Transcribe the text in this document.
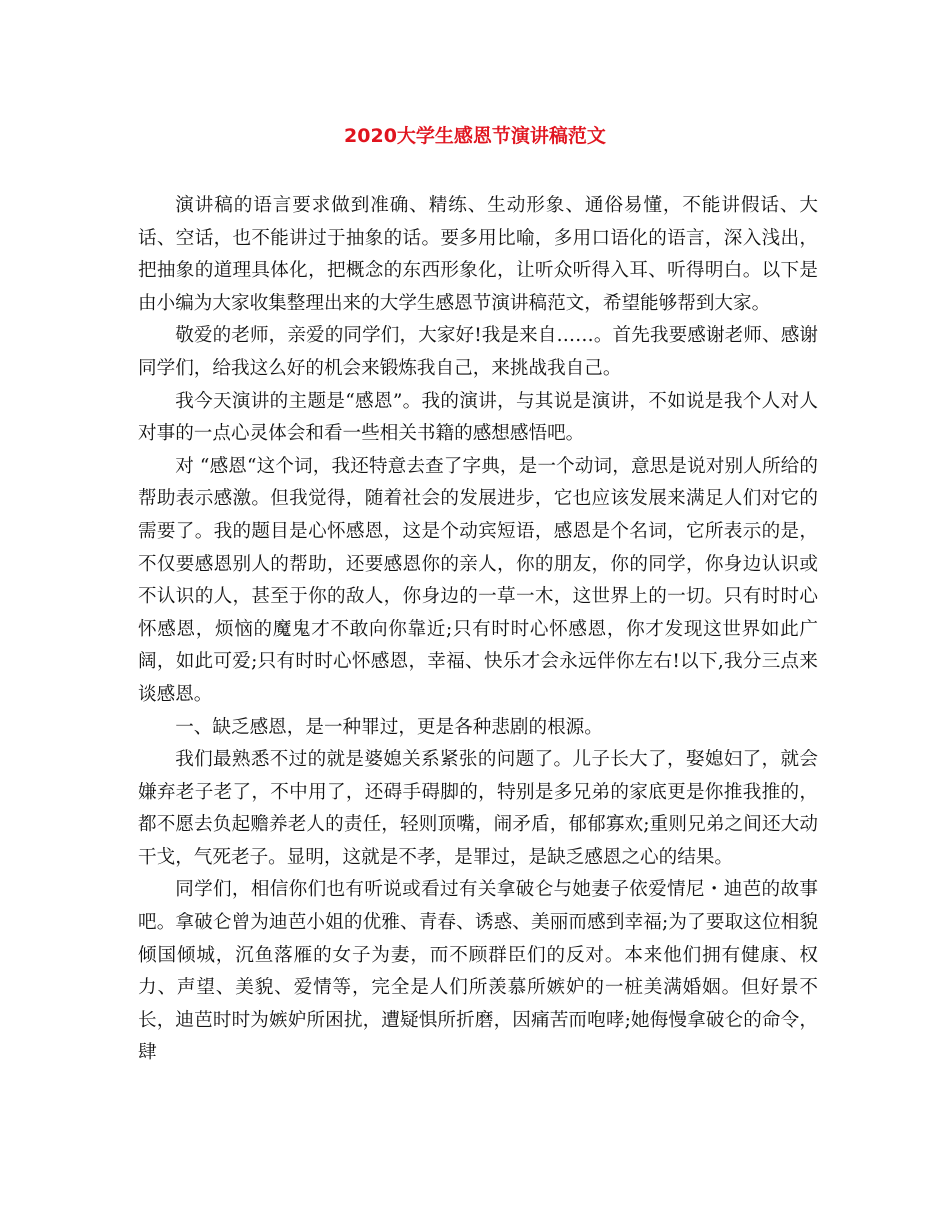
2020大学生感恩节演讲稿范文

演讲稿的语言要求做到准确、精练、生动形象、通俗易懂，不能讲假话、大话、空话，也不能讲过于抽象的话。要多用比喻，多用口语化的语言，深入浅出，把抽象的道理具体化，把概念的东西形象化，让听众听得入耳、听得明白。以下是由小编为大家收集整理出来的大学生感恩节演讲稿范文，希望能够帮到大家。

敬爱的老师，亲爱的同学们，大家好!我是来自……。首先我要感谢老师、感谢同学们，给我这么好的机会来锻炼我自己，来挑战我自己。

我今天演讲的主题是“感恩”。我的演讲，与其说是演讲，不如说是我个人对人对事的一点心灵体会和看一些相关书籍的感想感悟吧。

对 “感恩“这个词，我还特意去查了字典，是一个动词，意思是说对别人所给的帮助表示感激。但我觉得，随着社会的发展进步，它也应该发展来满足人们对它的需要了。我的题目是心怀感恩，这是个动宾短语，感恩是个名词，它所表示的是，不仅要感恩别人的帮助，还要感恩你的亲人，你的朋友，你的同学，你身边认识或不认识的人，甚至于你的敌人，你身边的一草一木，这世界上的一切。只有时时心怀感恩，烦恼的魔鬼才不敢向你靠近;只有时时心怀感恩，你才发现这世界如此广阔，如此可爱;只有时时心怀感恩，幸福、快乐才会永远伴你左右!以下,我分三点来谈感恩。

一、缺乏感恩，是一种罪过，更是各种悲剧的根源。

我们最熟悉不过的就是婆媳关系紧张的问题了。儿子长大了，娶媳妇了，就会嫌弃老子老了，不中用了，还碍手碍脚的，特别是多兄弟的家底更是你推我推的，都不愿去负起赡养老人的责任，轻则顶嘴，闹矛盾，郁郁寡欢;重则兄弟之间还大动干戈，气死老子。显明，这就是不孝，是罪过，是缺乏感恩之心的结果。

同学们，相信你们也有听说或看过有关拿破仑与她妻子依爱情尼・迪芭的故事吧。拿破仑曾为迪芭小姐的优雅、青春、诱惑、美丽而感到幸福;为了要取这位相貌倾国倾城，沉鱼落雁的女子为妻，而不顾群臣们的反对。本来他们拥有健康、权力、声望、美貌、爱情等，完全是人们所羡慕所嫉妒的一桩美满婚姻。但好景不长，迪芭时时为嫉妒所困扰，遭疑惧所折磨，因痛苦而咆哮;她侮慢拿破仑的命令，肆
